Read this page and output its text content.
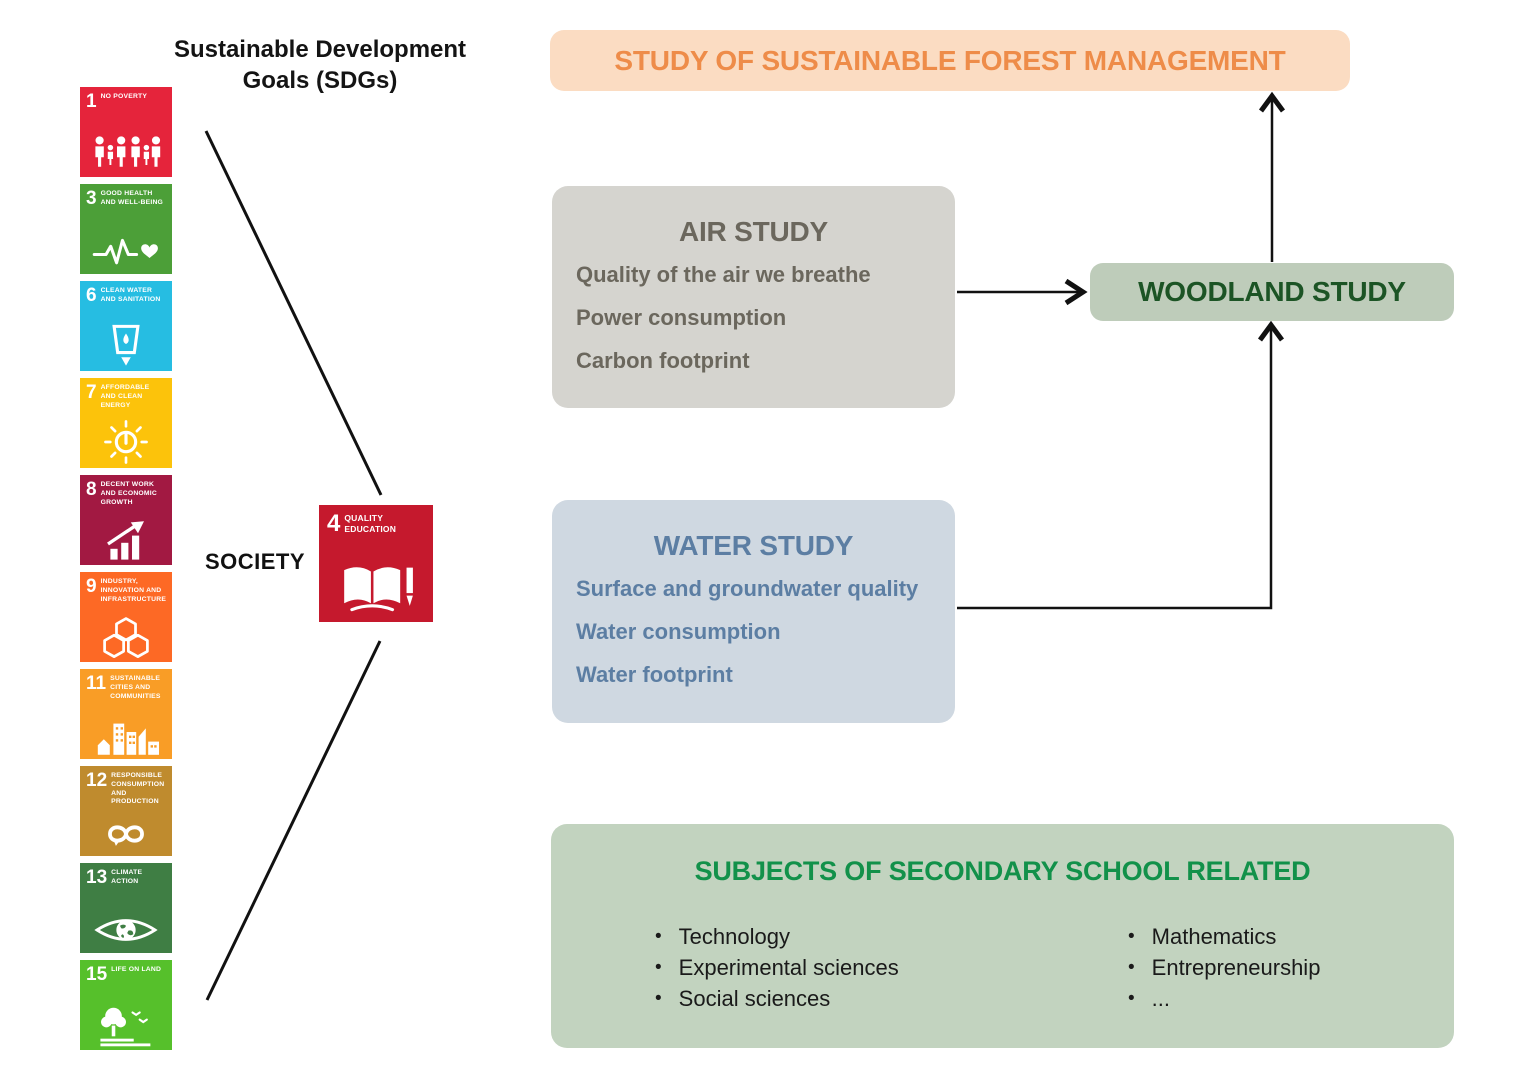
Sustainable Development
Goals (SDGs)
1 NO POVERTY
3 GOOD HEALTH AND WELL-BEING
6 CLEAN WATER AND SANITATION
7 AFFORDABLE AND CLEAN ENERGY
8 DECENT WORK AND ECONOMIC GROWTH
9 INDUSTRY, INNOVATION AND INFRASTRUCTURE
11 SUSTAINABLE CITIES AND COMMUNITIES
12 RESPONSIBLE CONSUMPTION AND PRODUCTION
13 CLIMATE ACTION
15 LIFE ON LAND
SOCIETY
4 QUALITY EDUCATION
STUDY OF SUSTAINABLE FOREST MANAGEMENT
AIR STUDY
Quality of the air we breathe
Power consumption
Carbon footprint
WATER STUDY
Surface and groundwater quality
Water consumption
Water footprint
WOODLAND STUDY
SUBJECTS OF SECONDARY SCHOOL RELATED
• Technology
• Experimental sciences
• Social sciences
• Mathematics
• Entrepreneurship
• ...
